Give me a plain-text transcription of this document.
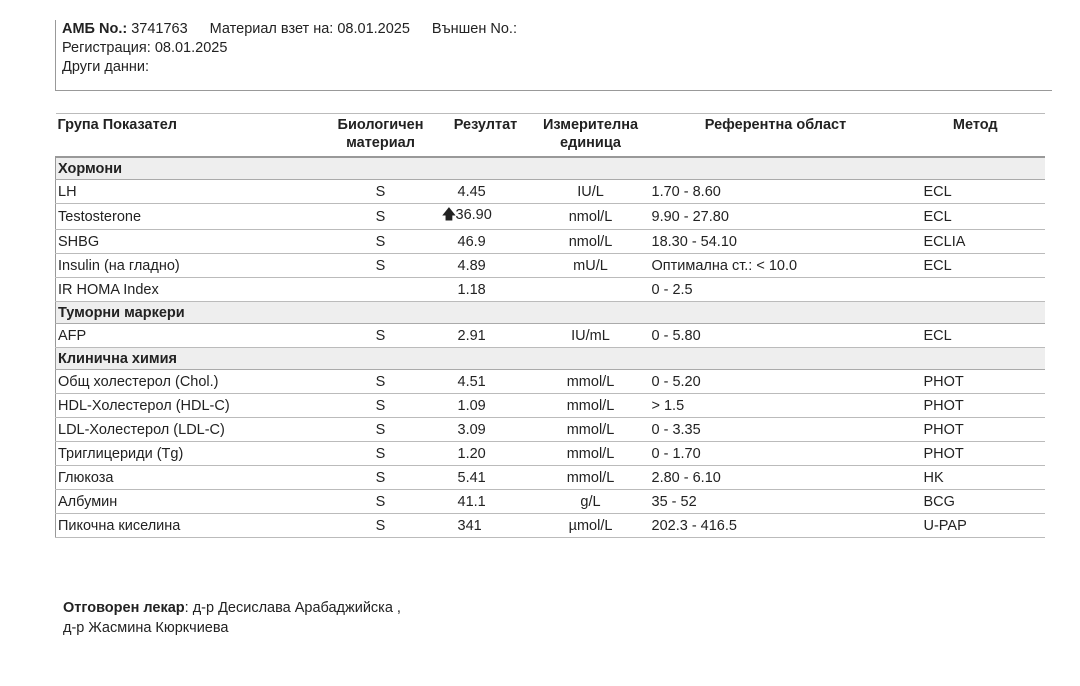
АМБ No.: 3741763 Материал взет на: 08.01.2025 Външен No.:
Регистрация: 08.01.2025
Други данни:
Група Показател	Биологичен материал	Резултат	Измерителна единица	Референтна област	Метод
Хормони					
LH	S	4.45	IU/L	1.70 - 8.60	ECL
Testosterone	S	🡅36.90	nmol/L	9.90 - 27.80	ECL
SHBG	S	46.9	nmol/L	18.30 - 54.10	ECLIA
Insulin (на гладно)	S	4.89	mU/L	Оптимална ст.: < 10.0	ECL
IR HOMA Index		1.18		0 - 2.5	
Туморни маркери					
AFP	S	2.91	IU/mL	0 - 5.80	ECL
Клинична химия					
Общ холестерол (Chol.)	S	4.51	mmol/L	0 - 5.20	PHOT
HDL-Холестерол (HDL-C)	S	1.09	mmol/L	> 1.5	PHOT
LDL-Холестерол (LDL-C)	S	3.09	mmol/L	0 - 3.35	PHOT
Триглицериди (Tg)	S	1.20	mmol/L	0 - 1.70	PHOT
Глюкоза	S	5.41	mmol/L	2.80 - 6.10	HK
Албумин	S	41.1	g/L	35 - 52	BCG
Пикочна киселина	S	341	µmol/L	202.3 - 416.5	U-PAP
Отговорен лекар: д-р Десислава Арабаджийска ,
д-р Жасмина Кюркчиева
